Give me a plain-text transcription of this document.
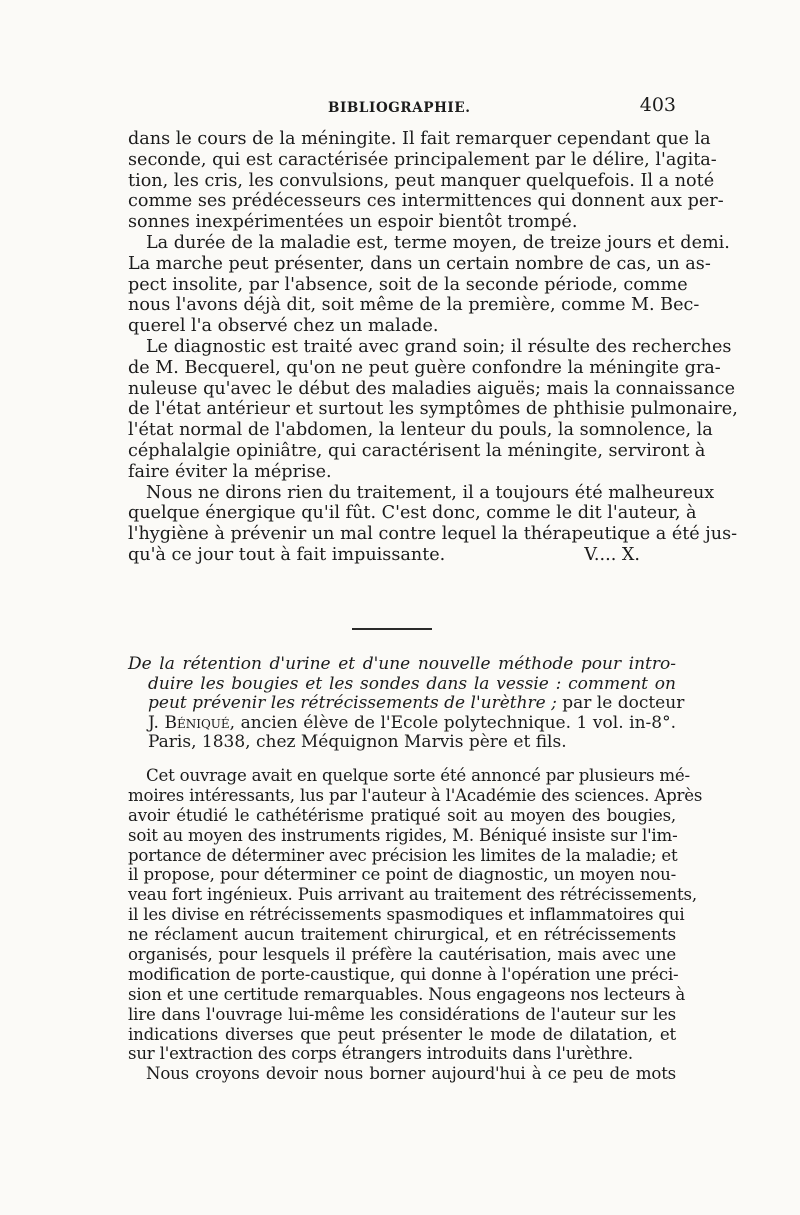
BIBLIOGRAPHIE.	403
dans le cours de la méningite. Il fait remarquer cependant que la
seconde, qui est caractérisée principalement par le délire, l'agita-
tion, les cris, les convulsions, peut manquer quelquefois. Il a noté
comme ses prédécesseurs ces intermittences qui donnent aux per-
sonnes inexpérimentées un espoir bientôt trompé.
La durée de la maladie est, terme moyen, de treize jours et demi.
La marche peut présenter, dans un certain nombre de cas, un as-
pect insolite, par l'absence, soit de la seconde période, comme
nous l'avons déjà dit, soit même de la première, comme M. Bec-
querel l'a observé chez un malade.
Le diagnostic est traité avec grand soin; il résulte des recherches
de M. Becquerel, qu'on ne peut guère confondre la méningite gra-
nuleuse qu'avec le début des maladies aiguës; mais la connaissance
de l'état antérieur et surtout les symptômes de phthisie pulmonaire,
l'état normal de l'abdomen, la lenteur du pouls, la somnolence, la
céphalalgie opiniâtre, qui caractérisent la méningite, serviront à
faire éviter la méprise.
Nous ne dirons rien du traitement, il a toujours été malheureux
quelque énergique qu'il fût. C'est donc, comme le dit l'auteur, à
l'hygiène à prévenir un mal contre lequel la thérapeutique a été jus-
qu'à ce jour tout à fait impuissante.	V.... X.
De la rétention d'urine et d'une nouvelle méthode pour intro-
duire les bougies et les sondes dans la vessie : comment on
peut prévenir les rétrécissements de l'urèthre ; par le docteur
J. Béniqué, ancien élève de l'Ecole polytechnique. 1 vol. in-8°.
Paris, 1838, chez Méquignon Marvis père et fils.
Cet ouvrage avait en quelque sorte été annoncé par plusieurs mé-
moires intéressants, lus par l'auteur à l'Académie des sciences. Après
avoir étudié le cathétérisme pratiqué soit au moyen des bougies,
soit au moyen des instruments rigides, M. Béniqué insiste sur l'im-
portance de déterminer avec précision les limites de la maladie; et
il propose, pour déterminer ce point de diagnostic, un moyen nou-
veau fort ingénieux. Puis arrivant au traitement des rétrécissements,
il les divise en rétrécissements spasmodiques et inflammatoires qui
ne réclament aucun traitement chirurgical, et en rétrécissements
organisés, pour lesquels il préfère la cautérisation, mais avec une
modification de porte-caustique, qui donne à l'opération une préci-
sion et une certitude remarquables. Nous engageons nos lecteurs à
lire dans l'ouvrage lui-même les considérations de l'auteur sur les
indications diverses que peut présenter le mode de dilatation, et
sur l'extraction des corps étrangers introduits dans l'urèthre.
Nous croyons devoir nous borner aujourd'hui à ce peu de mots
